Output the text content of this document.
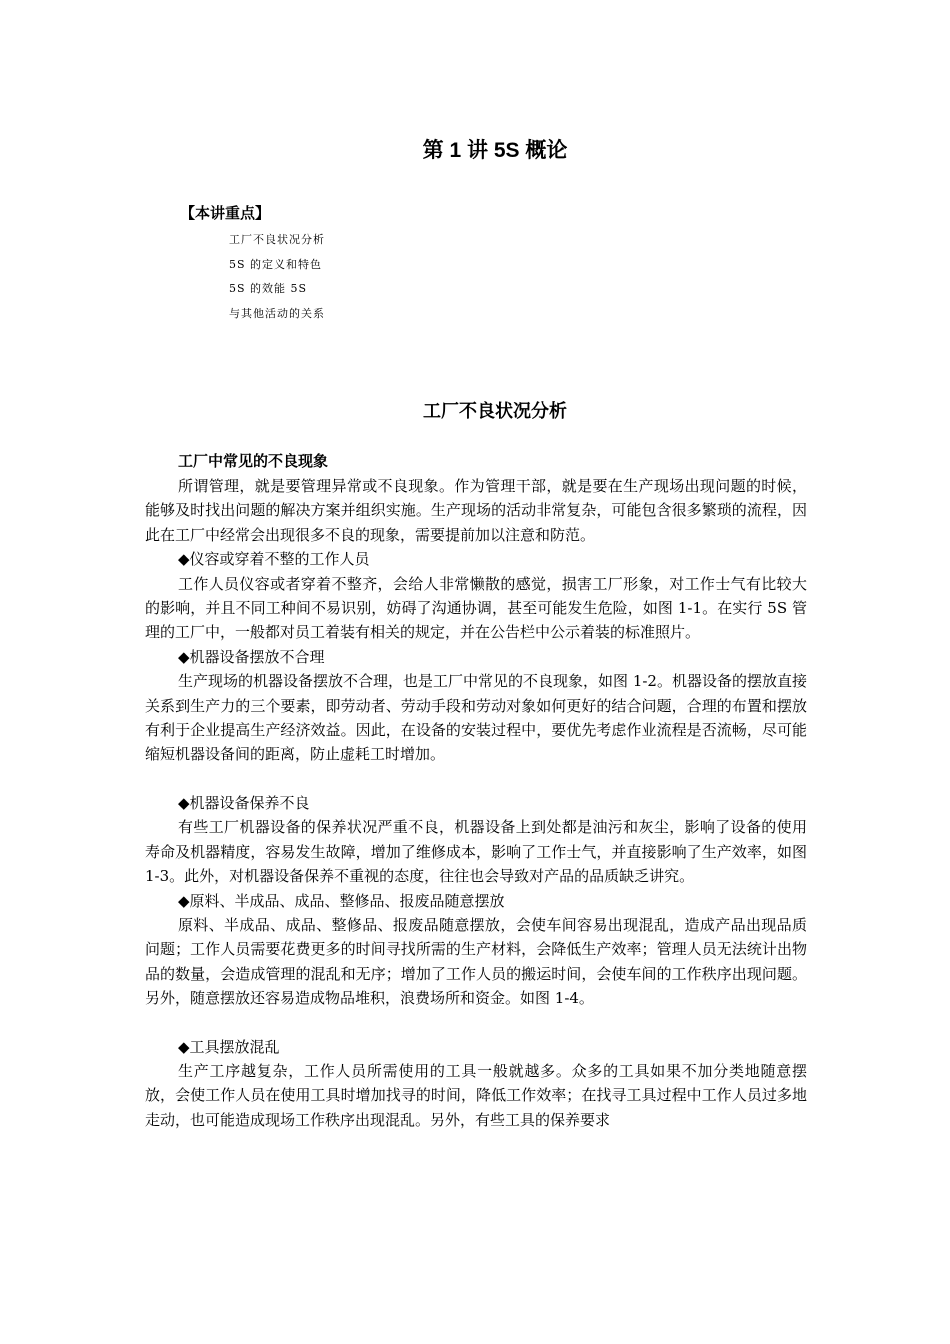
第 1 讲 5S 概论
【本讲重点】
工厂不良状况分析
5S 的定义和特色
5S 的效能 5S
与其他活动的关系
工厂不良状况分析

工厂中常见的不良现象

所谓管理，就是要管理异常或不良现象。作为管理干部，就是要在生产现场出现问题的时候，能够及时找出问题的解决方案并组织实施。生产现场的活动非常复杂，可能包含很多繁琐的流程，因此在工厂中经常会出现很多不良的现象，需要提前加以注意和防范。

◆仪容或穿着不整的工作人员

工作人员仪容或者穿着不整齐，会给人非常懒散的感觉，损害工厂形象，对工作士气有比较大的影响，并且不同工种间不易识别，妨碍了沟通协调，甚至可能发生危险，如图 1-1。在实行 5S 管理的工厂中，一般都对员工着装有相关的规定，并在公告栏中公示着装的标准照片。

◆机器设备摆放不合理

生产现场的机器设备摆放不合理，也是工厂中常见的不良现象，如图 1-2。机器设备的摆放直接关系到生产力的三个要素，即劳动者、劳动手段和劳动对象如何更好的结合问题，合理的布置和摆放有利于企业提高生产经济效益。因此，在设备的安装过程中，要优先考虑作业流程是否流畅，尽可能缩短机器设备间的距离，防止虚耗工时增加。

◆机器设备保养不良

有些工厂机器设备的保养状况严重不良，机器设备上到处都是油污和灰尘，影响了设备的使用寿命及机器精度，容易发生故障，增加了维修成本，影响了工作士气，并直接影响了生产效率，如图 1-3。此外，对机器设备保养不重视的态度，往往也会导致对产品的品质缺乏讲究。

◆原料、半成品、成品、整修品、报废品随意摆放

原料、半成品、成品、整修品、报废品随意摆放，会使车间容易出现混乱，造成产品出现品质问题；工作人员需要花费更多的时间寻找所需的生产材料，会降低生产效率；管理人员无法统计出物品的数量，会造成管理的混乱和无序；增加了工作人员的搬运时间，会使车间的工作秩序出现问题。另外，随意摆放还容易造成物品堆积，浪费场所和资金。如图 1-4。

◆工具摆放混乱

生产工序越复杂，工作人员所需使用的工具一般就越多。众多的工具如果不加分类地随意摆放，会使工作人员在使用工具时增加找寻的时间，降低工作效率；在找寻工具过程中工作人员过多地走动，也可能造成现场工作秩序出现混乱。另外，有些工具的保养要求
